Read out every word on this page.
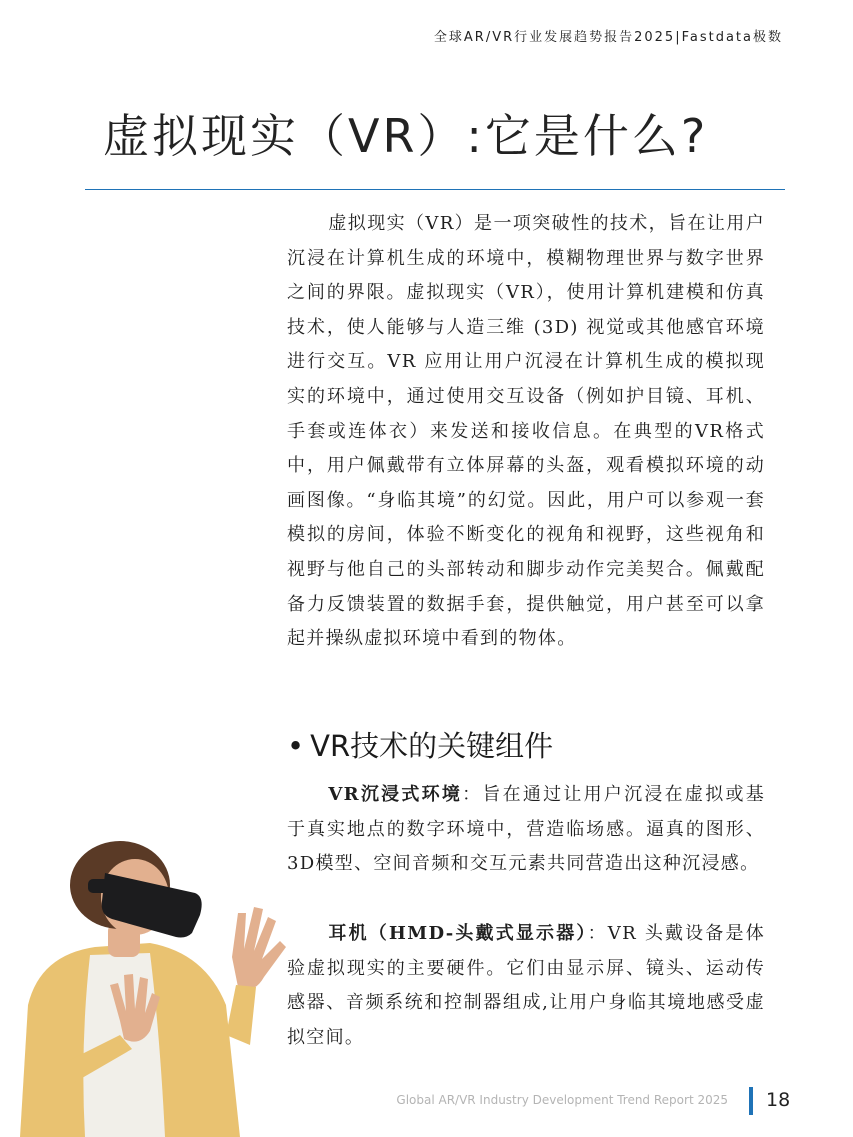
全球AR/VR行业发展趋势报告2025|Fastdata极数
虚拟现实（VR）:它是什么?

虚拟现实（VR）是一项突破性的技术，旨在让用户沉浸在计算机生成的环境中，模糊物理世界与数字世界之间的界限。虚拟现实（VR），使用计算机建模和仿真技术，使人能够与人造三维 (3D) 视觉或其他感官环境进行交互。VR 应用让用户沉浸在计算机生成的模拟现实的环境中，通过使用交互设备（例如护目镜、耳机、手套或连体衣）来发送和接收信息。在典型的VR格式中，用户佩戴带有立体屏幕的头盔，观看模拟环境的动画图像。“身临其境”的幻觉。因此，用户可以参观一套模拟的房间，体验不断变化的视角和视野，这些视角和视野与他自己的头部转动和脚步动作完美契合。佩戴配备力反馈装置的数据手套，提供触觉，用户甚至可以拿起并操纵虚拟环境中看到的物体。

• VR技术的关键组件

VR沉浸式环境：旨在通过让用户沉浸在虚拟或基于真实地点的数字环境中，营造临场感。逼真的图形、3D模型、空间音频和交互元素共同营造出这种沉浸感。

耳机（HMD-头戴式显示器）：VR 头戴设备是体验虚拟现实的主要硬件。它们由显示屏、镜头、运动传感器、音频系统和控制器组成,让用户身临其境地感受虚拟空间。

Global AR/VR Industry Development Trend Report 2025 18
